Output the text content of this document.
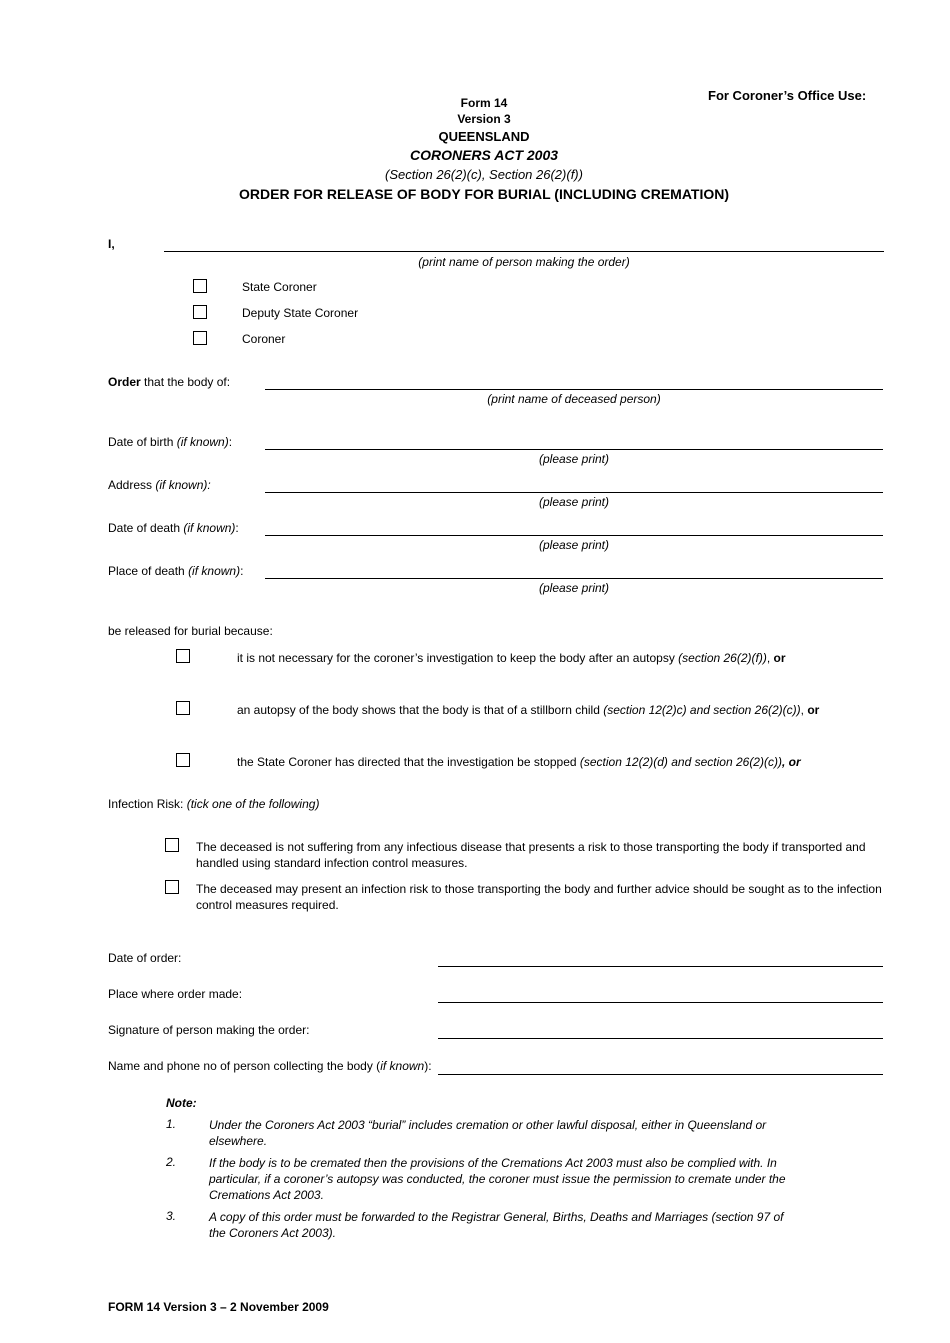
For Coroner’s Office Use:
Form 14
Version 3
QUEENSLAND
CORONERS ACT 2003
(Section 26(2)(c), Section 26(2)(f))
ORDER FOR RELEASE OF BODY FOR BURIAL (INCLUDING CREMATION)
I,
(print name of person making the order)
State Coroner
Deputy State Coroner
Coroner
Order that the body of:
(print name of deceased person)
Date of birth (if known):
(please print)
Address (if known):
(please print)
Date of death (if known):
(please print)
Place of death (if known):
(please print)
be released for burial because:
it is not necessary for the coroner’s investigation to keep the body after an autopsy (section 26(2)(f)), or
an autopsy of the body shows that the body is that of a stillborn child (section 12(2)c) and section 26(2)(c)), or
the State Coroner has directed that the investigation be stopped (section 12(2)(d) and section 26(2)(c)), or
Infection Risk: (tick one of the following)
The deceased is not suffering from any infectious disease that presents a risk to those transporting the body if transported and handled using standard infection control measures.
The deceased may present an infection risk to those transporting the body and further advice should be sought as to the infection control measures required.
Date of order:
Place where order made:
Signature of person making the order:
Name and phone no of person collecting the body (if known):
Note:
1.	Under the Coroners Act 2003 “burial” includes cremation or other lawful disposal, either in Queensland or elsewhere.
2.	If the body is to be cremated then the provisions of the Cremations Act 2003 must also be complied with. In particular, if a coroner’s autopsy was conducted, the coroner must issue the permission to cremate under the Cremations Act 2003.
3.	A copy of this order must be forwarded to the Registrar General, Births, Deaths and Marriages (section 97 of the Coroners Act 2003).
FORM 14 Version 3 – 2 November 2009
